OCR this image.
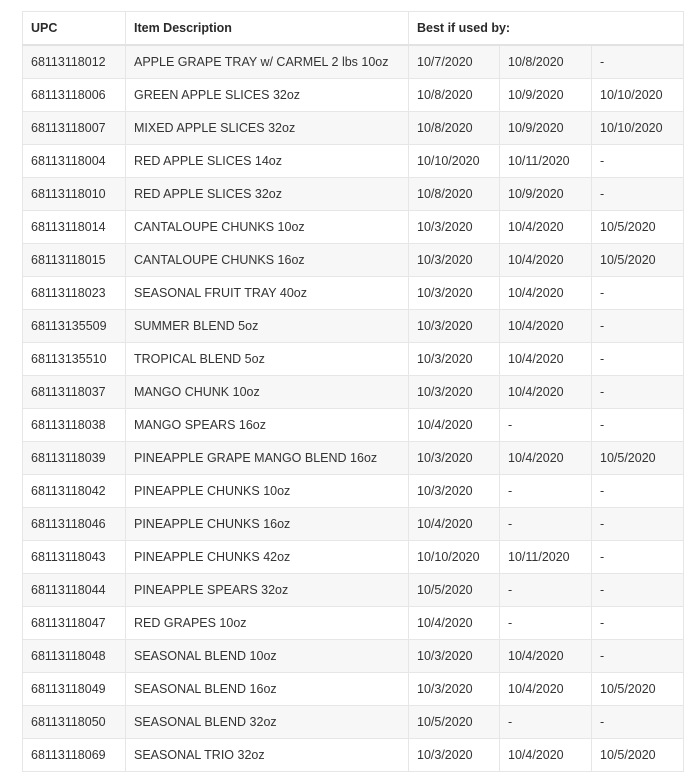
UPC	Item Description	Best if used by:		
68113118012	APPLE GRAPE TRAY w/ CARMEL 2 lbs 10oz	10/7/2020	10/8/2020	-
68113118006	GREEN APPLE SLICES 32oz	10/8/2020	10/9/2020	10/10/2020
68113118007	MIXED APPLE SLICES 32oz	10/8/2020	10/9/2020	10/10/2020
68113118004	RED APPLE SLICES 14oz	10/10/2020	10/11/2020	-
68113118010	RED APPLE SLICES 32oz	10/8/2020	10/9/2020	-
68113118014	CANTALOUPE CHUNKS 10oz	10/3/2020	10/4/2020	10/5/2020
68113118015	CANTALOUPE CHUNKS 16oz	10/3/2020	10/4/2020	10/5/2020
68113118023	SEASONAL FRUIT TRAY 40oz	10/3/2020	10/4/2020	-
68113135509	SUMMER BLEND 5oz	10/3/2020	10/4/2020	-
68113135510	TROPICAL BLEND 5oz	10/3/2020	10/4/2020	-
68113118037	MANGO CHUNK 10oz	10/3/2020	10/4/2020	-
68113118038	MANGO SPEARS 16oz	10/4/2020	-	-
68113118039	PINEAPPLE GRAPE MANGO BLEND 16oz	10/3/2020	10/4/2020	10/5/2020
68113118042	PINEAPPLE CHUNKS 10oz	10/3/2020	-	-
68113118046	PINEAPPLE CHUNKS 16oz	10/4/2020	-	-
68113118043	PINEAPPLE CHUNKS 42oz	10/10/2020	10/11/2020	-
68113118044	PINEAPPLE SPEARS 32oz	10/5/2020	-	-
68113118047	RED GRAPES 10oz	10/4/2020	-	-
68113118048	SEASONAL BLEND 10oz	10/3/2020	10/4/2020	-
68113118049	SEASONAL BLEND 16oz	10/3/2020	10/4/2020	10/5/2020
68113118050	SEASONAL BLEND 32oz	10/5/2020	-	-
68113118069	SEASONAL TRIO 32oz	10/3/2020	10/4/2020	10/5/2020
